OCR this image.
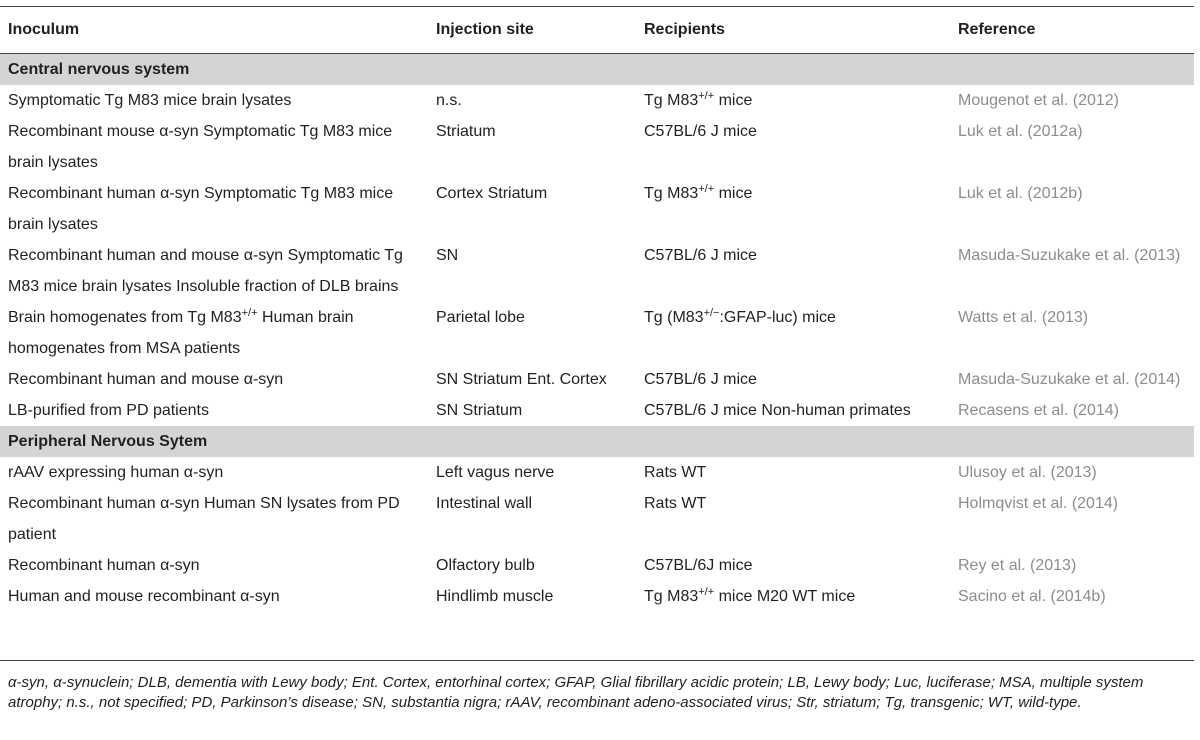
Inoculum	Injection site	Recipients	Reference
Central nervous system			
Symptomatic Tg M83 mice brain lysates	n.s.	Tg M83+/+ mice	Mougenot et al. (2012)
Recombinant mouse α-syn Symptomatic Tg M83 mice brain lysates	Striatum	C57BL/6 J mice	Luk et al. (2012a)
Recombinant human α-syn Symptomatic Tg M83 mice brain lysates	Cortex Striatum	Tg M83+/+ mice	Luk et al. (2012b)
Recombinant human and mouse α-syn Symptomatic Tg M83 mice brain lysates Insoluble fraction of DLB brains	SN	C57BL/6 J mice	Masuda-Suzukake et al. (2013)
Brain homogenates from Tg M83+/+ Human brain homogenates from MSA patients	Parietal lobe	Tg (M83+/−:GFAP-luc) mice	Watts et al. (2013)
Recombinant human and mouse α-syn	SN Striatum Ent. Cortex	C57BL/6 J mice	Masuda-Suzukake et al. (2014)
LB-purified from PD patients	SN Striatum	C57BL/6 J mice Non-human primates	Recasens et al. (2014)
Peripheral Nervous Sytem			
rAAV expressing human α-syn	Left vagus nerve	Rats WT	Ulusoy et al. (2013)
Recombinant human α-syn Human SN lysates from PD patient	Intestinal wall	Rats WT	Holmqvist et al. (2014)
Recombinant human α-syn	Olfactory bulb	C57BL/6J mice	Rey et al. (2013)
Human and mouse recombinant α-syn	Hindlimb muscle	Tg M83+/+ mice M20 WT mice	Sacino et al. (2014b)
α-syn, α-synuclein; DLB, dementia with Lewy body; Ent. Cortex, entorhinal cortex; GFAP, Glial fibrillary acidic protein; LB, Lewy body; Luc, luciferase; MSA, multiple system atrophy; n.s., not specified; PD, Parkinson’s disease; SN, substantia nigra; rAAV, recombinant adeno-associated virus; Str, striatum; Tg, transgenic; WT, wild-type.
